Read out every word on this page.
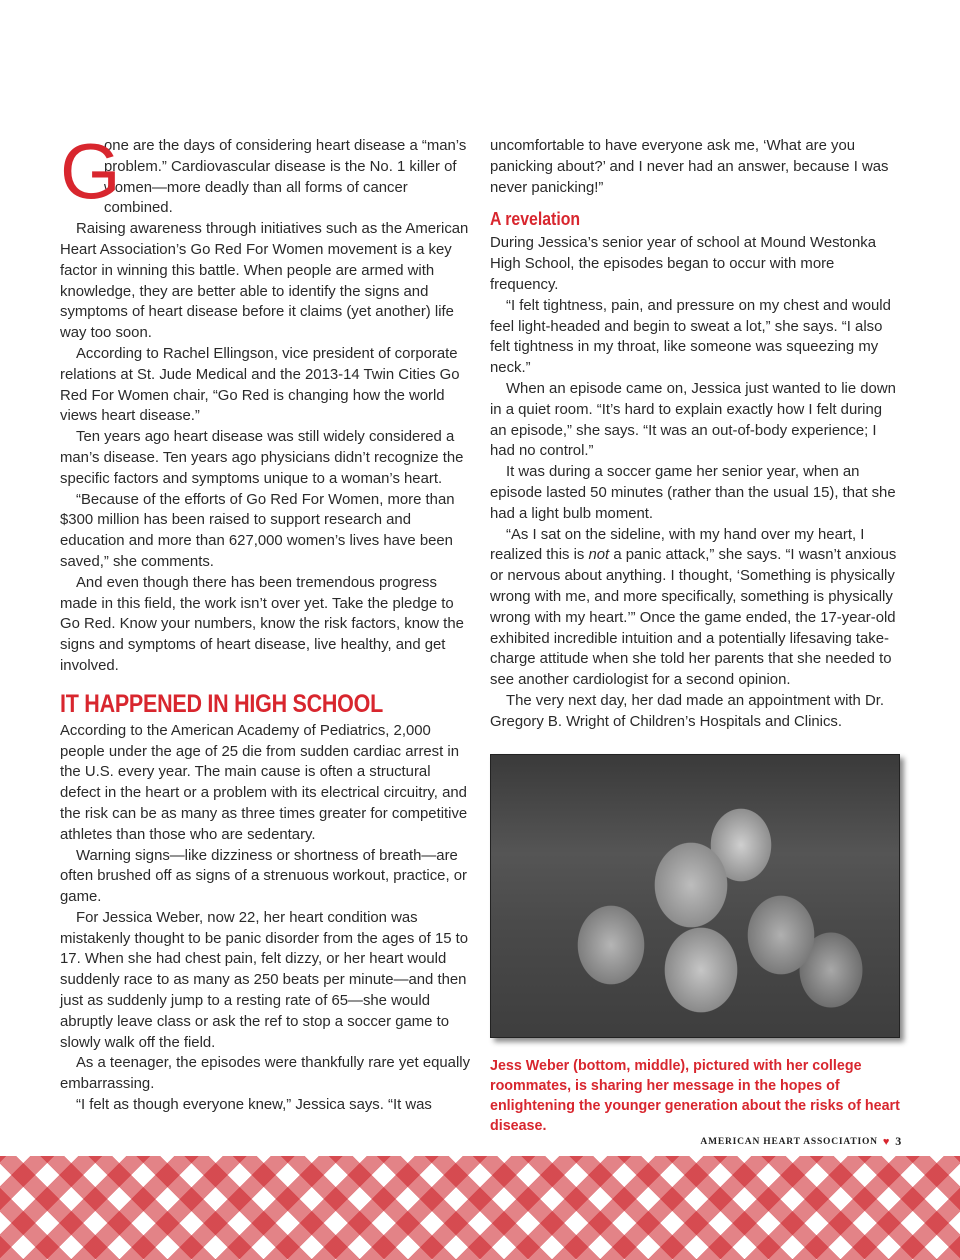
G

one are the days of considering heart disease a “man’s problem.” Cardiovascular disease is the No. 1 killer of women—more deadly than all forms of cancer combined.

Raising awareness through initiatives such as the American Heart Association’s Go Red For Women movement is a key factor in winning this battle. When people are armed with knowledge, they are better able to identify the signs and symptoms of heart disease before it claims (yet another) life way too soon.

According to Rachel Ellingson, vice president of corporate relations at St. Jude Medical and the 2013-14 Twin Cities Go Red For Women chair, “Go Red is changing how the world views heart disease.”

Ten years ago heart disease was still widely considered a man’s disease. Ten years ago physicians didn’t recognize the specific factors and symptoms unique to a woman’s heart.

“Because of the efforts of Go Red For Women, more than $300 million has been raised to support research and education and more than 627,000 women’s lives have been saved,” she comments.

And even though there has been tremendous progress made in this field, the work isn’t over yet. Take the pledge to Go Red. Know your numbers, know the risk factors, know the signs and symptoms of heart disease, live healthy, and get involved.

IT HAPPENED IN HIGH SCHOOL

According to the American Academy of Pediatrics, 2,000 people under the age of 25 die from sudden cardiac arrest in the U.S. every year. The main cause is often a structural defect in the heart or a problem with its electrical circuitry, and the risk can be as many as three times greater for competitive athletes than those who are sedentary.

Warning signs—like dizziness or shortness of breath—are often brushed off as signs of a strenuous workout, practice, or game.

For Jessica Weber, now 22, her heart condition was mistakenly thought to be panic disorder from the ages of 15 to 17. When she had chest pain, felt dizzy, or her heart would suddenly race to as many as 250 beats per minute—and then just as suddenly jump to a resting rate of 65—she would abruptly leave class or ask the ref to stop a soccer game to slowly walk off the field.

As a teenager, the episodes were thankfully rare yet equally embarrassing.

“I felt as though everyone knew,” Jessica says. “It was

uncomfortable to have everyone ask me, ‘What are you panicking about?’ and I never had an answer, because I was never panicking!”

A revelation

During Jessica’s senior year of school at Mound Westonka High School, the episodes began to occur with more frequency.

“I felt tightness, pain, and pressure on my chest and would feel light-headed and begin to sweat a lot,” she says. “I also felt tightness in my throat, like someone was squeezing my neck.”

When an episode came on, Jessica just wanted to lie down in a quiet room. “It’s hard to explain exactly how I felt during an episode,” she says. “It was an out-of-body experience; I had no control.”

It was during a soccer game her senior year, when an episode lasted 50 minutes (rather than the usual 15), that she had a light bulb moment.

“As I sat on the sideline, with my hand over my heart, I realized this is not a panic attack,” she says. “I wasn’t anxious or nervous about anything. I thought, ‘Something is physically wrong with me, and more specifically, something is physically wrong with my heart.’” Once the game ended, the 17-year-old exhibited incredible intuition and a potentially lifesaving take-charge attitude when she told her parents that she needed to see another cardiologist for a second opinion.

The very next day, her dad made an appointment with Dr. Gregory B. Wright of Children’s Hospitals and Clinics.

Jess Weber (bottom, middle), pictured with her college roommates, is sharing her message in the hopes of enlightening the younger generation about the risks of heart disease.
AMERICAN HEART ASSOCIATION ♥ 3
